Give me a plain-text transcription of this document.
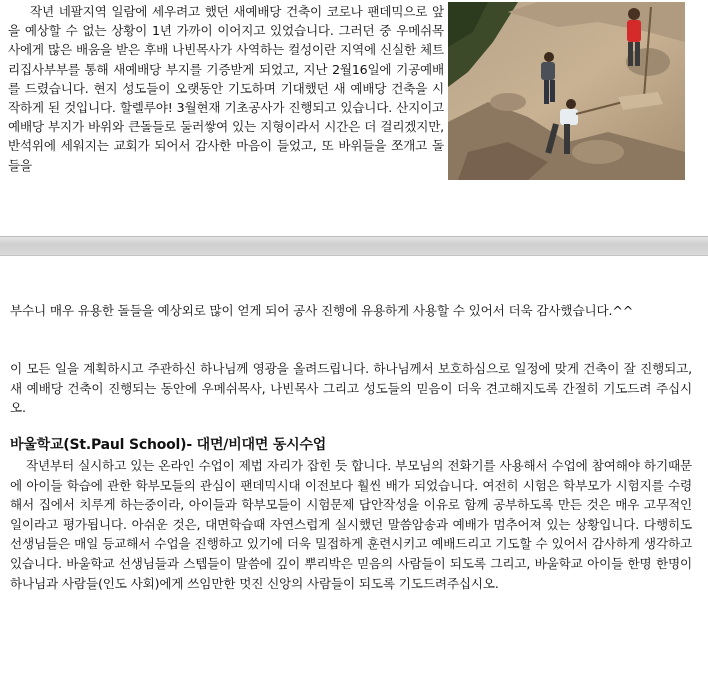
작년 네팔지역 일람에 세우려고 했던 새예배당 건축이 코로나 팬데믹으로 앞을 예상할 수 없는 상황이 1년 가까이 이어지고 있었습니다. 그러던 중 우메쉬목사에게 많은 배움을 받은 후배 나빈목사가 사역하는 컬성이란 지역에 신실한 체트리집사부부를 통해 새예배당 부지를 기증받게 되었고, 지난 2월16일에 기공예배를 드렸습니다. 현지 성도들이 오랫동안 기도하며 기대했던 새 예배당 건축을 시작하게 된 것입니다. 할렐루야! 3월현재 기초공사가 진행되고 있습니다. 산지이고 예배당 부지가 바위와 큰돌들로 둘러쌓여 있는 지형이라서 시간은 더 걸리겠지만, 반석위에 세워지는 교회가 되어서 감사한 마음이 들었고, 또 바위들을 쪼개고 돌들을

부수니 매우 유용한 돌들을 예상외로 많이 얻게 되어 공사 진행에 유용하게 사용할 수 있어서 더욱 감사했습니다.^^

이 모든 일을 계획하시고 주관하신 하나님께 영광을 올려드립니다. 하나님께서 보호하심으로 일정에 맞게 건축이 잘 진행되고, 새 예배당 건축이 진행되는 동안에 우메쉬목사, 나빈목사 그리고 성도들의 믿음이 더욱 견고해지도록 간절히 기도드려 주십시오.

바울학교(St.Paul School)- 대면/비대면 동시수업

작년부터 실시하고 있는 온라인 수업이 제법 자리가 잡힌 듯 합니다. 부모님의 전화기를 사용해서 수업에 참여해야 하기때문에 아이들 학습에 관한 학부모들의 관심이 팬데믹시대 이전보다 훨씬 배가 되었습니다. 여전히 시험은 학부모가 시험지를 수령해서 집에서 치루게 하는중이라, 아이들과 학부모들이 시험문제 답안작성을 이유로 함께 공부하도록 만든 것은 매우 고무적인 일이라고 평가됩니다. 아쉬운 것은, 대면학습때 자연스럽게 실시했던 말씀암송과 예배가 멈추어져 있는 상황입니다. 다행히도 선생님들은 매일 등교해서 수업을 진행하고 있기에 더욱 밀접하게 훈련시키고 예배드리고 기도할 수 있어서 감사하게 생각하고 있습니다. 바울학교 선생님들과 스텝들이 말씀에 깊이 뿌리박은 믿음의 사람들이 되도록 그리고, 바울학교 아이들 한명 한명이 하나님과 사람들(인도 사회)에게 쓰임만한 멋진 신앙의 사람들이 되도록 기도드려주십시오.
